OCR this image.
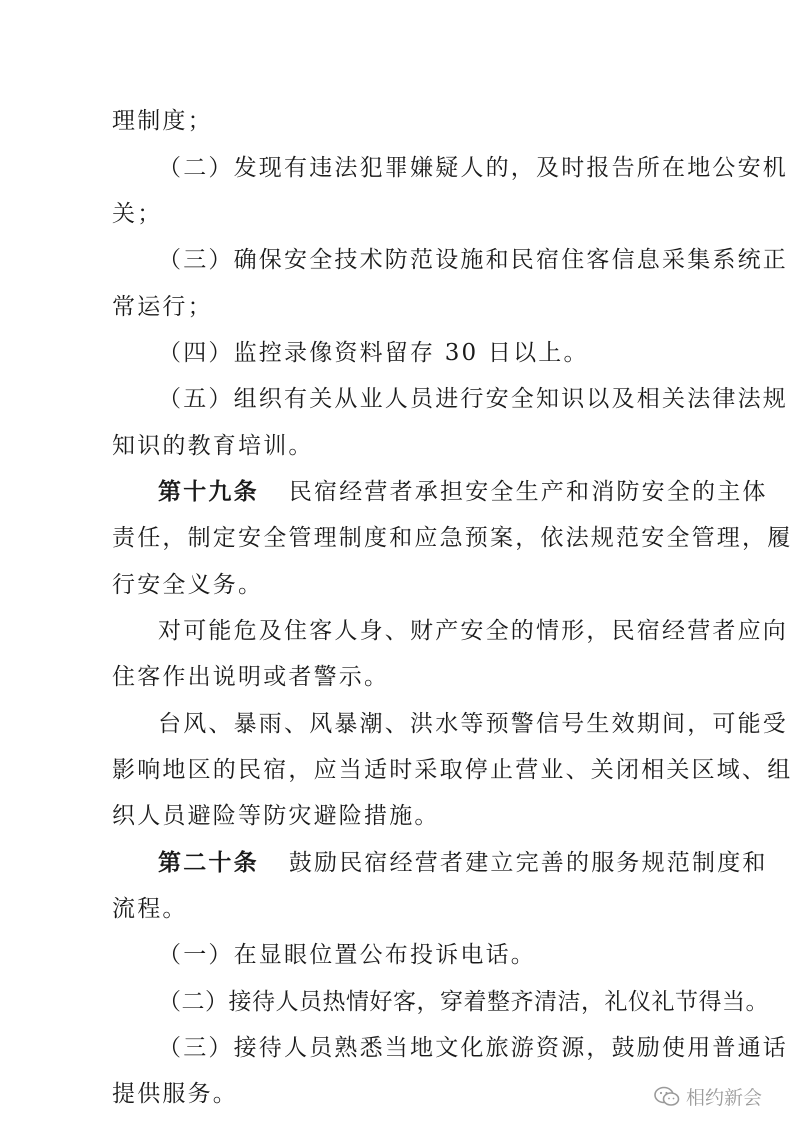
理制度；
（二）发现有违法犯罪嫌疑人的，及时报告所在地公安机
关；
（三）确保安全技术防范设施和民宿住客信息采集系统正
常运行；
（四）监控录像资料留存 30 日以上。
（五）组织有关从业人员进行安全知识以及相关法律法规
知识的教育培训。
第十九条 民宿经营者承担安全生产和消防安全的主体
责任，制定安全管理制度和应急预案，依法规范安全管理，履
行安全义务。
对可能危及住客人身、财产安全的情形，民宿经营者应向
住客作出说明或者警示。
台风、暴雨、风暴潮、洪水等预警信号生效期间，可能受
影响地区的民宿，应当适时采取停止营业、关闭相关区域、组
织人员避险等防灾避险措施。
第二十条 鼓励民宿经营者建立完善的服务规范制度和
流程。
（一）在显眼位置公布投诉电话。
（二）接待人员热情好客，穿着整齐清洁，礼仪礼节得当。
（三）接待人员熟悉当地文化旅游资源，鼓励使用普通话
提供服务。	相约新会
